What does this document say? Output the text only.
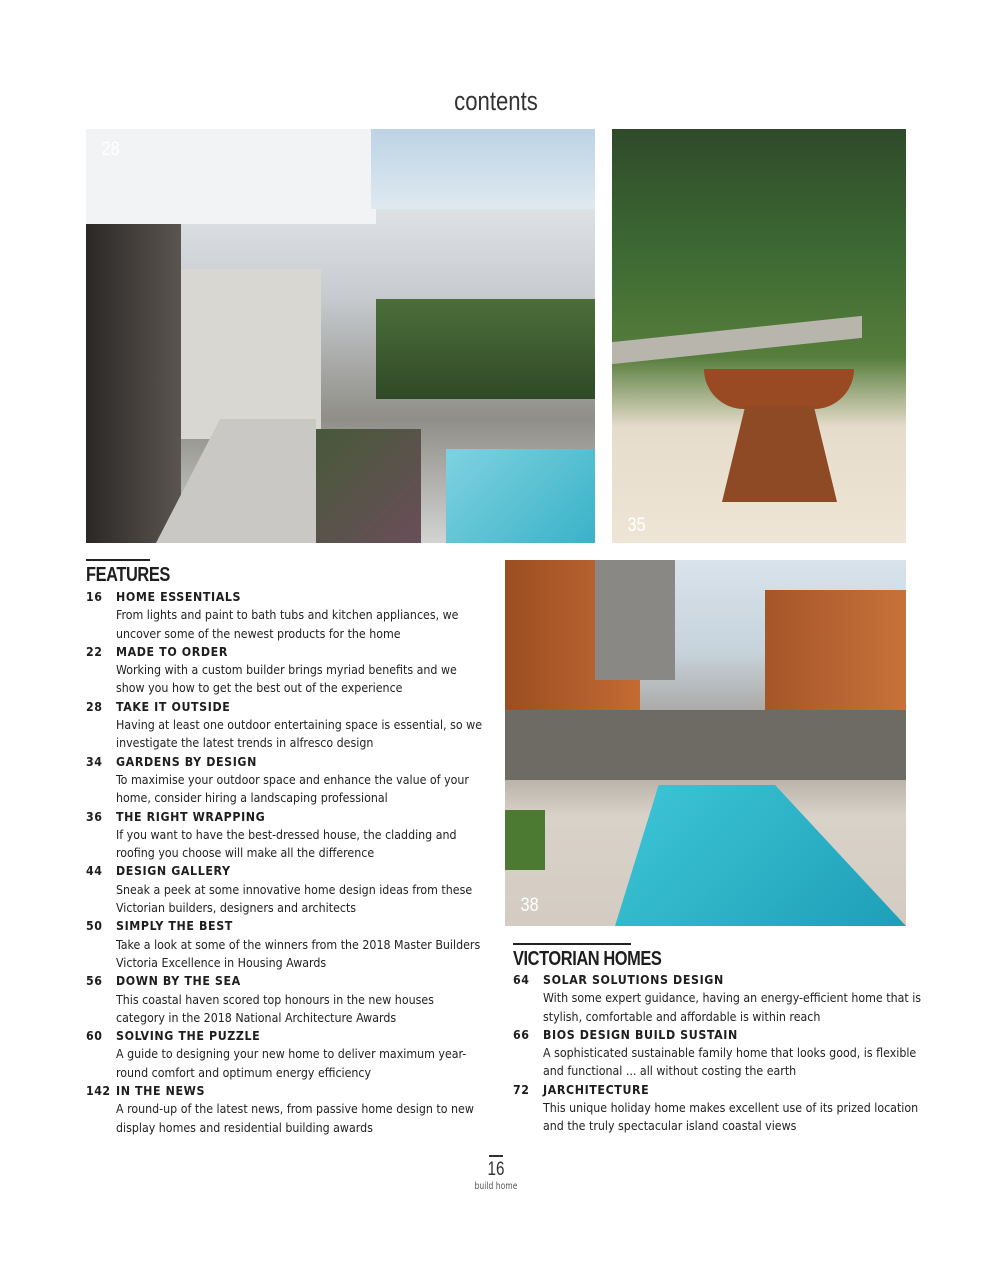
contents
28
35
38
FEATURES
16 HOME ESSENTIALS
From lights and paint to bath tubs and kitchen appliances, we uncover some of the newest products for the home
22 MADE TO ORDER
Working with a custom builder brings myriad benefits and we show you how to get the best out of the experience
28 TAKE IT OUTSIDE
Having at least one outdoor entertaining space is essential, so we investigate the latest trends in alfresco design
34 GARDENS BY DESIGN
To maximise your outdoor space and enhance the value of your home, consider hiring a landscaping professional
36 THE RIGHT WRAPPING
If you want to have the best-dressed house, the cladding and roofing you choose will make all the difference
44 DESIGN GALLERY
Sneak a peek at some innovative home design ideas from these Victorian builders, designers and architects
50 SIMPLY THE BEST
Take a look at some of the winners from the 2018 Master Builders Victoria Excellence in Housing Awards
56 DOWN BY THE SEA
This coastal haven scored top honours in the new houses category in the 2018 National Architecture Awards
60 SOLVING THE PUZZLE
A guide to designing your new home to deliver maximum year-round comfort and optimum energy efficiency
142 IN THE NEWS
A round-up of the latest news, from passive home design to new display homes and residential building awards
VICTORIAN HOMES
64 SOLAR SOLUTIONS DESIGN
With some expert guidance, having an energy-efficient home that is stylish, comfortable and affordable is within reach
66 BIOS DESIGN BUILD SUSTAIN
A sophisticated sustainable family home that looks good, is flexible and functional ... all without costing the earth
72 JARCHITECTURE
This unique holiday home makes excellent use of its prized location and the truly spectacular island coastal views
16
build home
